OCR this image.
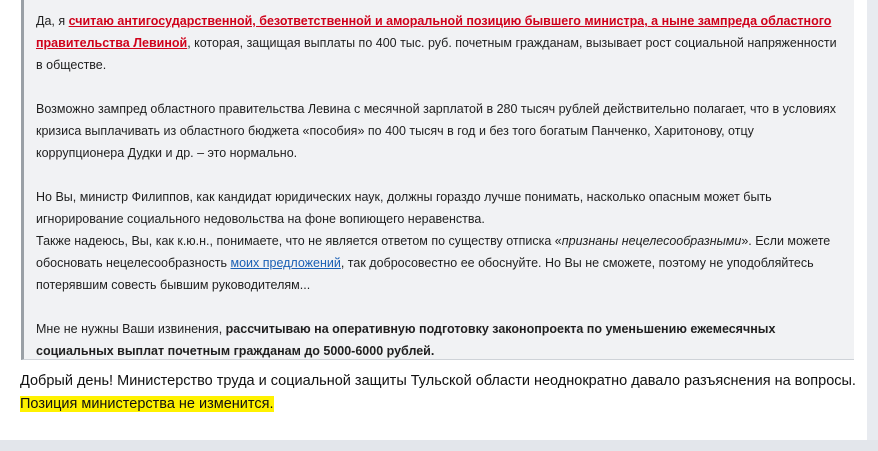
Да, я считаю антигосударственной, безответственной и аморальной позицию бывшего министра, а ныне зампреда областного правительства Левиной, которая, защищая выплаты по 400 тыс. руб. почетным гражданам, вызывает рост социальной напряженности в обществе.

Возможно зампред областного правительства Левина с месячной зарплатой в 280 тысяч рублей действительно полагает, что в условиях кризиса выплачивать из областного бюджета «пособия» по 400 тысяч в год и без того богатым Панченко, Харитонову, отцу коррупционера Дудки и др. – это нормально.

Но Вы, министр Филиппов, как кандидат юридических наук, должны гораздо лучше понимать, насколько опасным может быть игнорирование социального недовольства на фоне вопиющего неравенства.

Также надеюсь, Вы, как к.ю.н., понимаете, что не является ответом по существу отписка «признаны нецелесообразными». Если можете обосновать нецелесообразность моих предложений, так добросовестно ее обоснуйте. Но Вы не сможете, поэтому не уподобляйтесь потерявшим совесть бывшим руководителям...

Мне не нужны Ваши извинения, рассчитываю на оперативную подготовку законопроекта по уменьшению ежемесячных социальных выплат почетным гражданам до 5000-6000 рублей.

Добрый день! Министерство труда и социальной защиты Тульской области неоднократно давало разъяснения на вопросы. Позиция министерства не изменится.
